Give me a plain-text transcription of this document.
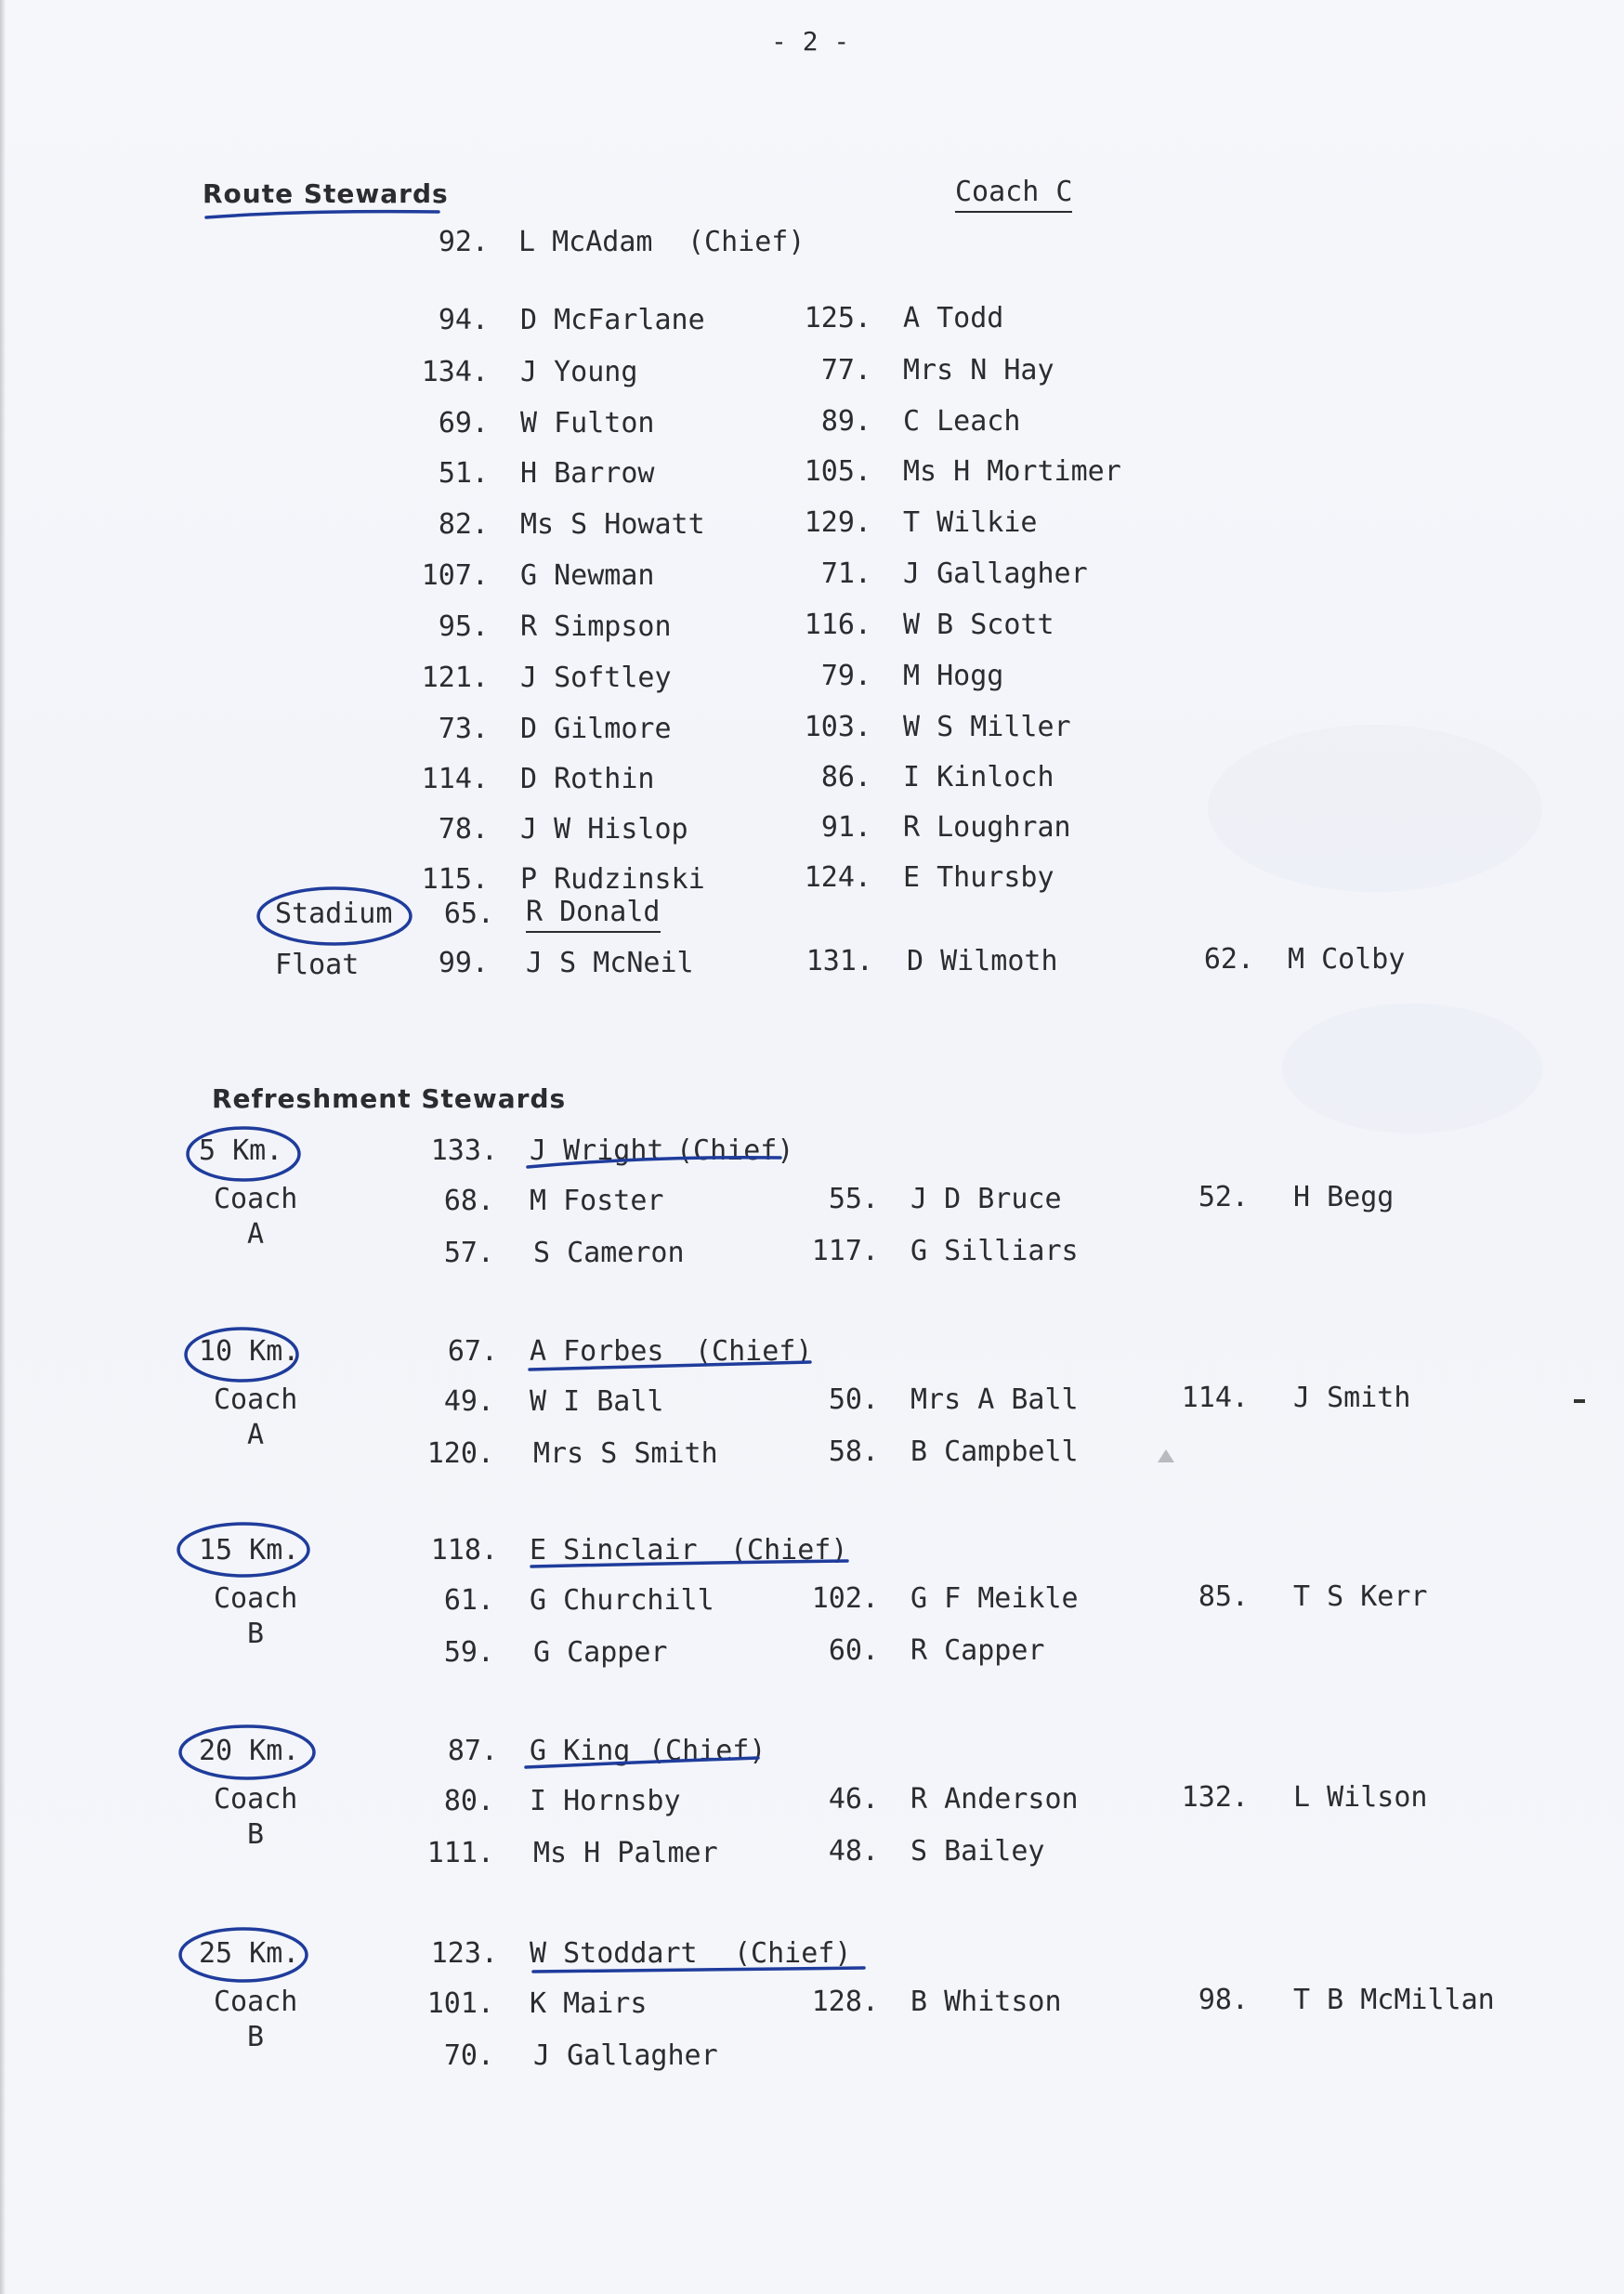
- 2 -
Route Stewards	Coach C
92. L McAdam (Chief)
94. D McFarlane	125. A Todd
134. J Young	77. Mrs N Hay
69. W Fulton	89. C Leach
51. H Barrow	105. Ms H Mortimer
82. Ms S Howatt	129. T Wilkie
107. G Newman	71. J Gallagher
95. R Simpson	116. W B Scott
121. J Softley	79. M Hogg
73. D Gilmore	103. W S Miller
114. D Rothin	86. I Kinloch
78. J W Hislop	91. R Loughran
115. P Rudzinski	124. E Thursby
Stadium	65. R Donald
Float	99. J S McNeil	131. D Wilmoth	62. M Colby
Refreshment Stewards
5 Km.
Coach
A
133. J Wright (Chief)
68. M Foster	55. J D Bruce	52. H Begg
57. S Cameron	117. G Silliars
10 Km.
Coach
A
67. A Forbes (Chief)
49. W I Ball	50. Mrs A Ball	114. J Smith
120. Mrs S Smith	58. B Campbell
15 Km.
Coach
B
118. E Sinclair (Chief)
61. G Churchill	102. G F Meikle	85. T S Kerr
59. G Capper	60. R Capper
20 Km.
Coach
B
87. G King (Chief)
80. I Hornsby	46. R Anderson	132. L Wilson
111. Ms H Palmer	48. S Bailey
25 Km.
Coach
B
123. W Stoddart (Chief)
101. K Mairs	128. B Whitson	98. T B McMillan
70. J Gallagher
